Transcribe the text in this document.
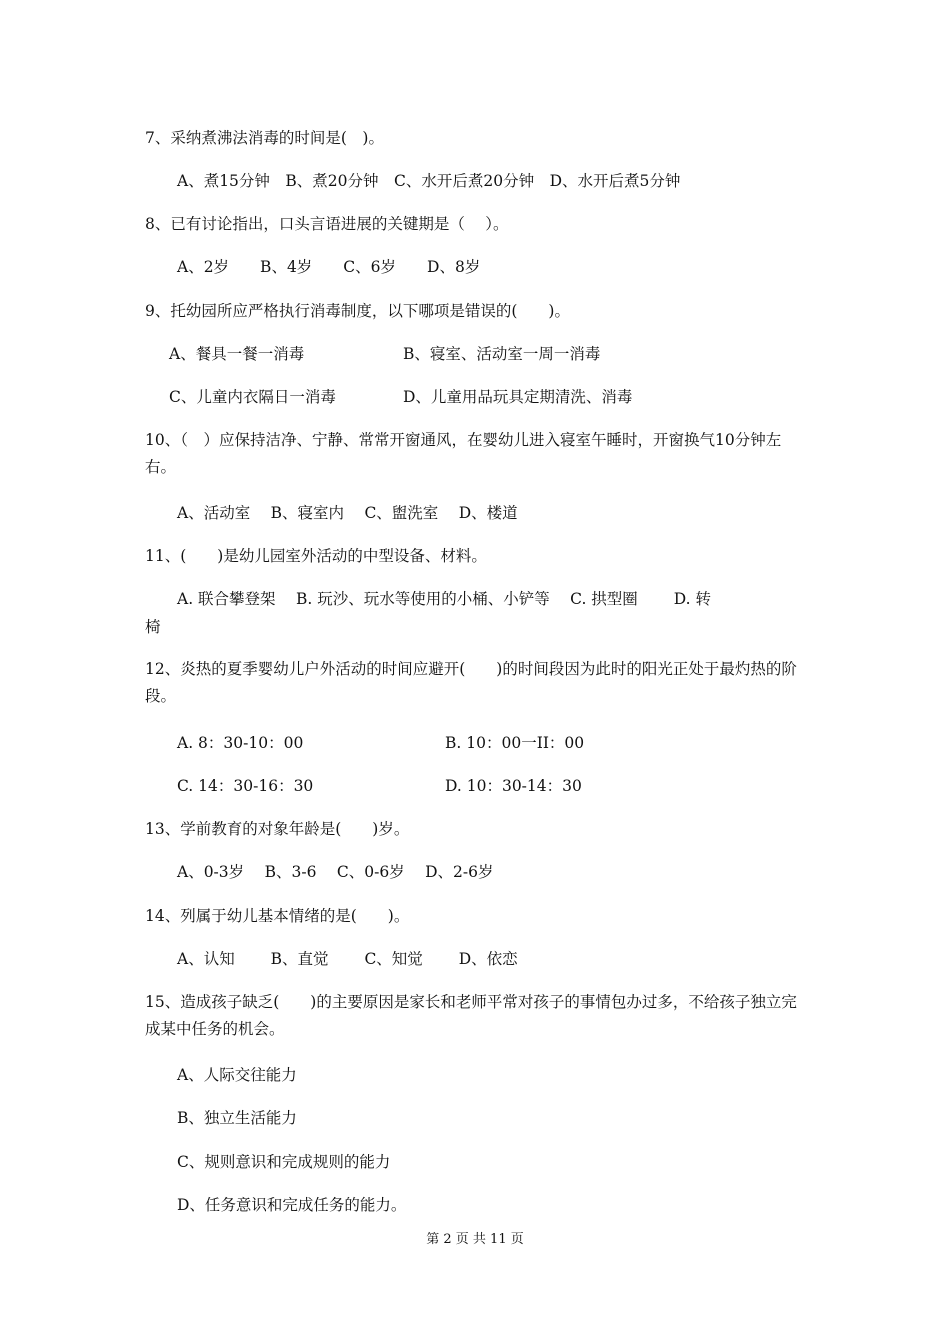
7、采纳煮沸法消毒的时间是(　)。
A、煮15分钟　B、煮20分钟　C、水开后煮20分钟　D、水开后煮5分钟
8、已有讨论指出，口头言语进展的关键期是（　 ）。
A、2岁　　B、4岁　　C、6岁　　D、8岁
9、托幼园所应严格执行消毒制度，以下哪项是错误的(　　)。
A、餐具一餐一消毒	B、寝室、活动室一周一消毒
C、儿童内衣隔日一消毒	D、儿童用品玩具定期清洗、消毒
10、（　）应保持洁净、宁静、常常开窗通风，在婴幼儿进入寝室午睡时，开窗换气10分钟左右。
A、活动室　 B、寝室内　 C、盥洗室　 D、楼道
11、(　　)是幼儿园室外活动的中型设备、材料。
A. 联合攀登架　 B. 玩沙、玩水等使用的小桶、小铲等　 C. 拱型圈　　 D. 转
椅
12、炎热的夏季婴幼儿户外活动的时间应避开(　　)的时间段因为此时的阳光正处于最灼热的阶段。
A. 8：30-10：00	B. 10：00一II：00
C. 14：30-16：30	D. 10：30-14：30
13、学前教育的对象年龄是(　　)岁。
A、0-3岁　 B、3-6　 C、0-6岁　 D、2-6岁
14、列属于幼儿基本情绪的是(　　)。
A、认知　　 B、直觉　　 C、知觉　　 D、依恋
15、造成孩子缺乏(　　)的主要原因是家长和老师平常对孩子的事情包办过多，不给孩子独立完成某中任务的机会。
A、人际交往能力
B、独立生活能力
C、规则意识和完成规则的能力
D、任务意识和完成任务的能力。
第 2 页 共 11 页
